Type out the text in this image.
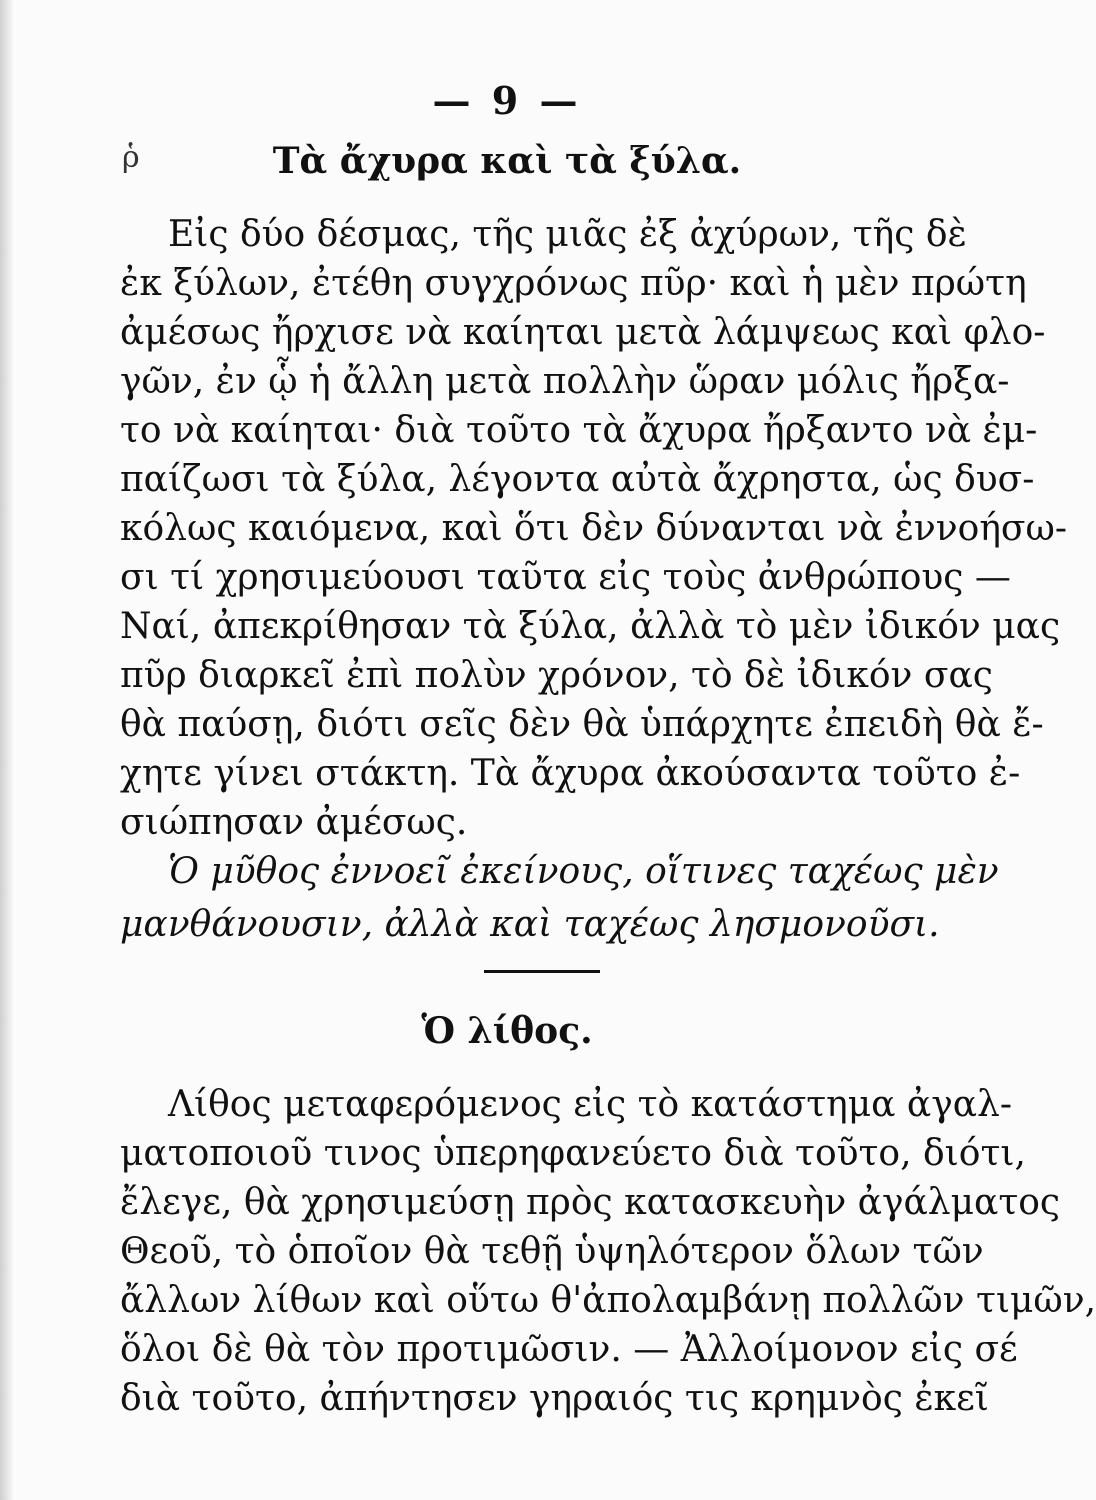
— 9 —
ῥ	Τὰ ἄχυρα καὶ τὰ ξύλα.
Εἰς δύο δέσμας, τῆς μιᾶς ἐξ ἀχύρων, τῆς δὲ
ἐκ ξύλων, ἐτέθη συγχρόνως πῦρ· καὶ ἡ μὲν πρώτη
ἀμέσως ἤρχισε νὰ καίηται μετὰ λάμψεως καὶ φλο-
γῶν, ἐν ᾧ ἡ ἄλλη μετὰ πολλὴν ὥραν μόλις ἤρξα-
το νὰ καίηται· διὰ τοῦτο τὰ ἄχυρα ἤρξαντο νὰ ἐμ-
παίζωσι τὰ ξύλα, λέγοντα αὐτὰ ἄχρηστα, ὡς δυσ-
κόλως καιόμενα, καὶ ὅτι δὲν δύνανται νὰ ἐννοήσω-
σι τί χρησιμεύουσι ταῦτα εἰς τοὺς ἀνθρώπους —
Ναί, ἀπεκρίθησαν τὰ ξύλα, ἀλλὰ τὸ μὲν ἰδικόν μας
πῦρ διαρκεῖ ἐπὶ πολὺν χρόνον, τὸ δὲ ἰδικόν σας
θὰ παύσῃ, διότι σεῖς δὲν θὰ ὑπάρχητε ἐπειδὴ θὰ ἔ-
χητε γίνει στάκτη. Τὰ ἄχυρα ἀκούσαντα τοῦτο ἐ-
σιώπησαν ἀμέσως.
Ὁ μῦθος ἐννοεῖ ἐκείνους, οἵτινες ταχέως μὲν
μανθάνουσιν, ἀλλὰ καὶ ταχέως λησμονοῦσι.
Ὁ λίθος.
Λίθος μεταφερόμενος εἰς τὸ κατάστημα ἀγαλ-
ματοποιοῦ τινος ὑπερηφανεύετο διὰ τοῦτο, διότι,
ἔλεγε, θὰ χρησιμεύσῃ πρὸς κατασκευὴν ἀγάλματος
Θεοῦ, τὸ ὁποῖον θὰ τεθῇ ὑψηλότερον ὅλων τῶν
ἄλλων λίθων καὶ οὕτω θ'ἀπολαμβάνῃ πολλῶν τιμῶν,
ὅλοι δὲ θὰ τὸν προτιμῶσιν. — Ἀλλοίμονον εἰς σέ
διὰ τοῦτο, ἀπήντησεν γηραιός τις κρημνὸς ἐκεῖ
